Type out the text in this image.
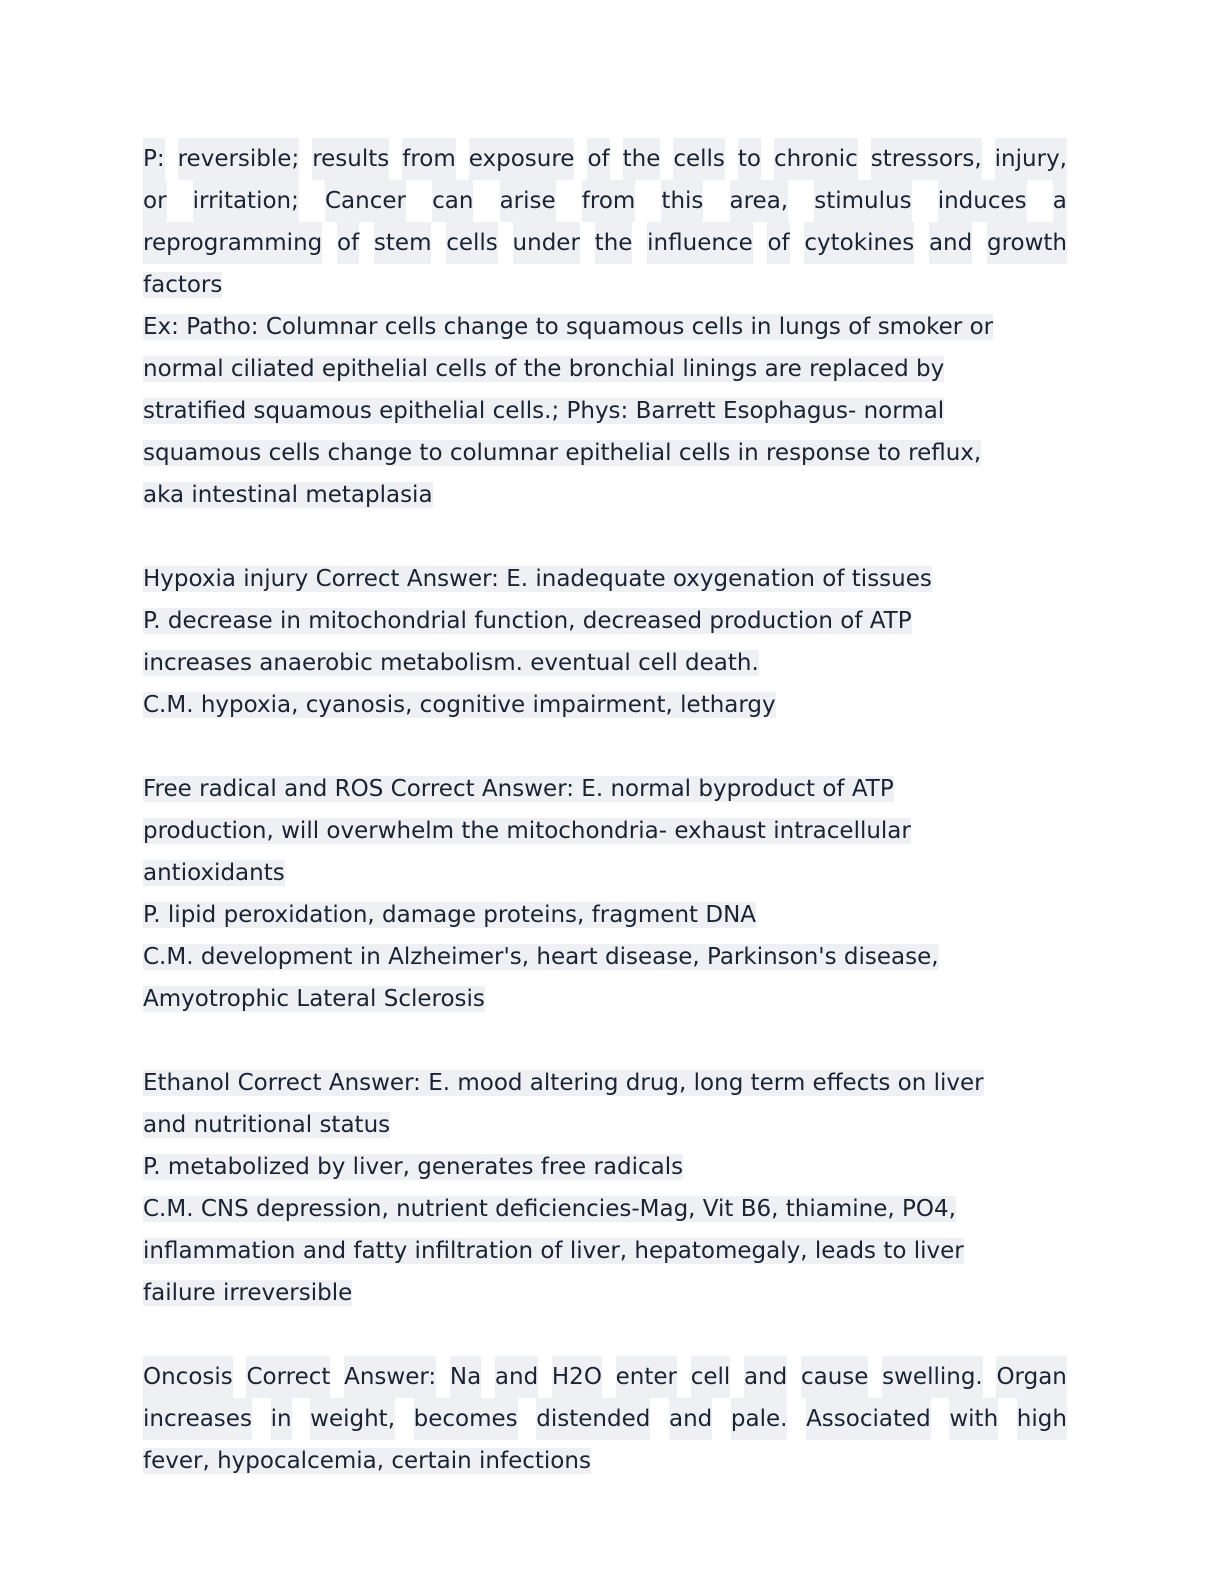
P: reversible; results from exposure of the cells to chronic stressors, injury,
or irritation; Cancer can arise from this area, stimulus induces a
reprogramming of stem cells under the influence of cytokines and growth
factors
Ex: Patho: Columnar cells change to squamous cells in lungs of smoker or
normal ciliated epithelial cells of the bronchial linings are replaced by
stratified squamous epithelial cells.; Phys: Barrett Esophagus- normal
squamous cells change to columnar epithelial cells in response to reflux,
aka intestinal metaplasia
Hypoxia injury Correct Answer: E. inadequate oxygenation of tissues
P. decrease in mitochondrial function, decreased production of ATP
increases anaerobic metabolism. eventual cell death.
C.M. hypoxia, cyanosis, cognitive impairment, lethargy
Free radical and ROS Correct Answer: E. normal byproduct of ATP
production, will overwhelm the mitochondria- exhaust intracellular
antioxidants
P. lipid peroxidation, damage proteins, fragment DNA
C.M. development in Alzheimer's, heart disease, Parkinson's disease,
Amyotrophic Lateral Sclerosis
Ethanol Correct Answer: E. mood altering drug, long term effects on liver
and nutritional status
P. metabolized by liver, generates free radicals
C.M. CNS depression, nutrient deficiencies-Mag, Vit B6, thiamine, PO4,
inflammation and fatty infiltration of liver, hepatomegaly, leads to liver
failure irreversible
Oncosis Correct Answer: Na and H2O enter cell and cause swelling. Organ
increases in weight, becomes distended and pale. Associated with high
fever, hypocalcemia, certain infections
